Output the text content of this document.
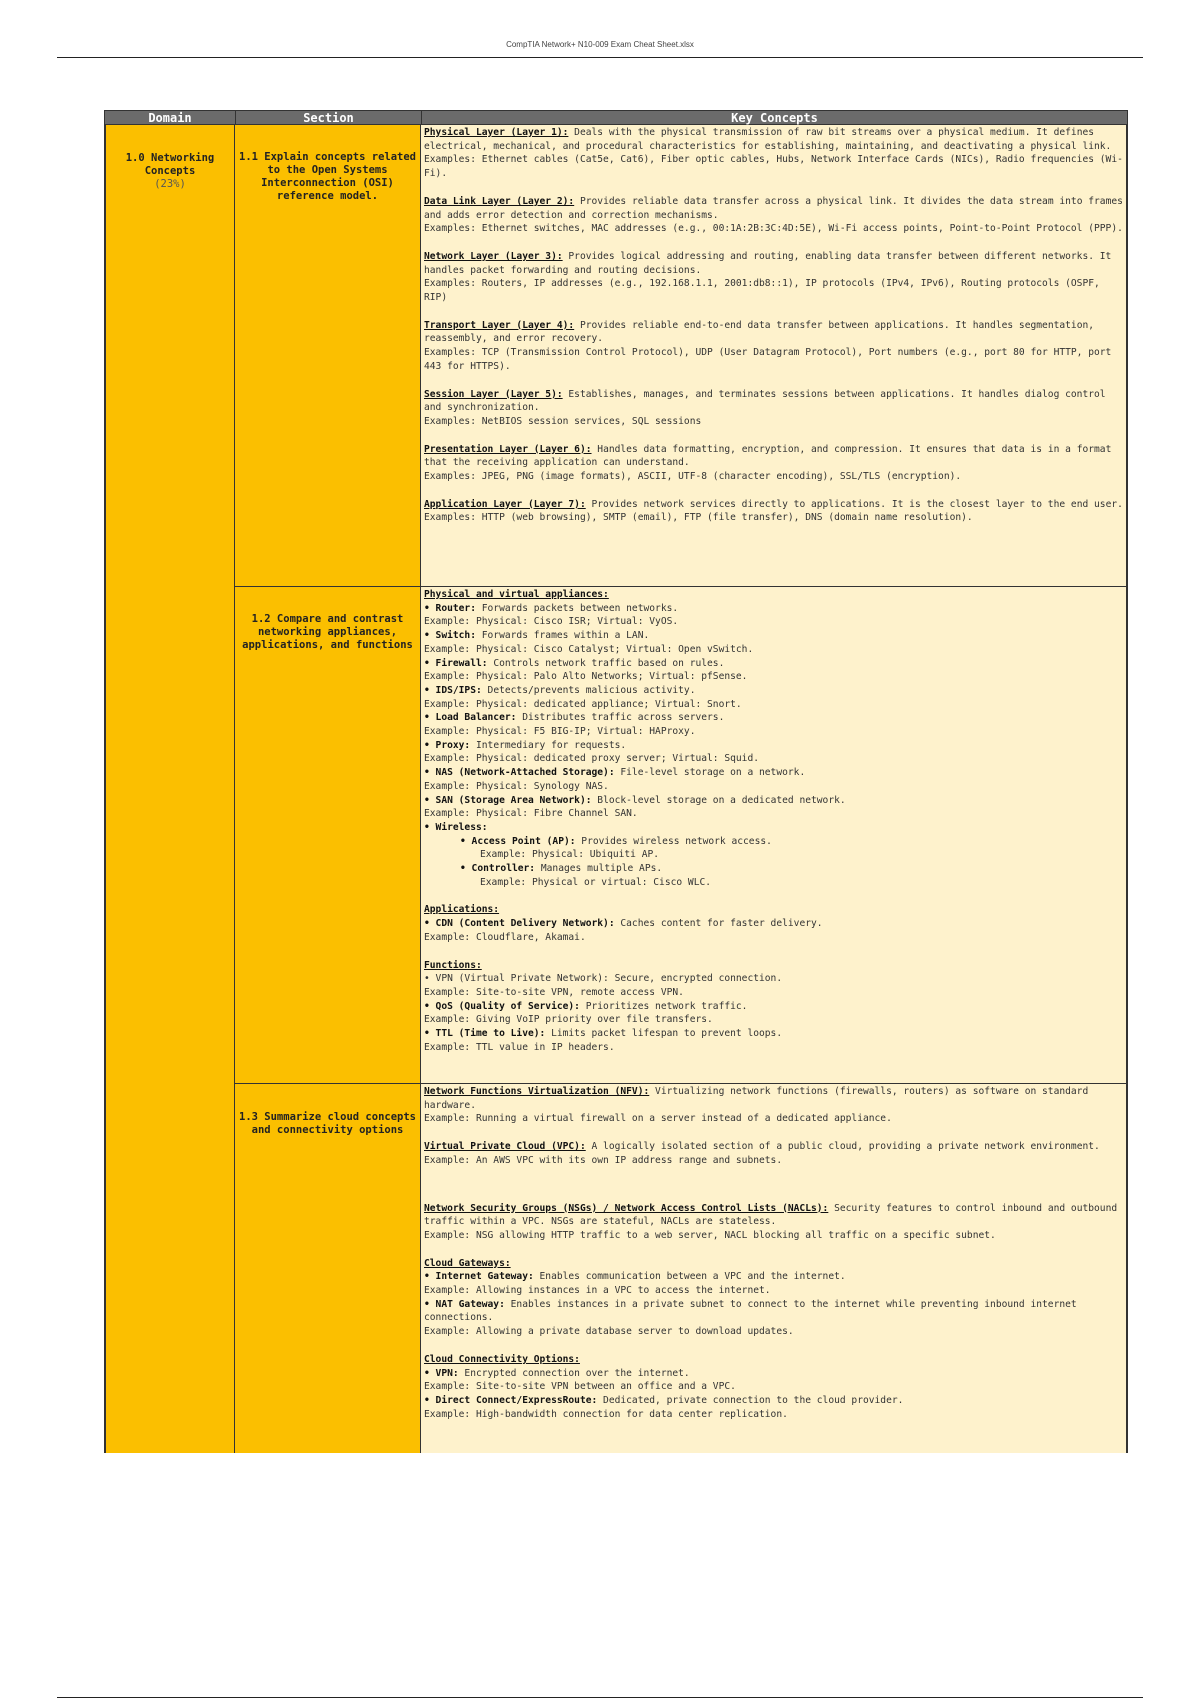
CompTIA Network+ N10-009 Exam Cheat Sheet.xlsx
Domain	Section	Key Concepts
1.0 Networking
Concepts
(23%)
1.1 Explain concepts related to the Open Systems Interconnection (OSI) reference model.
Physical Layer (Layer 1): Deals with the physical transmission of raw bit streams over a physical medium. It defines electrical, mechanical, and procedural characteristics for establishing, maintaining, and deactivating a physical link.
Examples: Ethernet cables (Cat5e, Cat6), Fiber optic cables, Hubs, Network Interface Cards (NICs), Radio frequencies (Wi-Fi).
Data Link Layer (Layer 2): Provides reliable data transfer across a physical link. It divides the data stream into frames and adds error detection and correction mechanisms.
Examples: Ethernet switches, MAC addresses (e.g., 00:1A:2B:3C:4D:5E), Wi-Fi access points, Point-to-Point Protocol (PPP).
Network Layer (Layer 3): Provides logical addressing and routing, enabling data transfer between different networks. It handles packet forwarding and routing decisions.
Examples: Routers, IP addresses (e.g., 192.168.1.1, 2001:db8::1), IP protocols (IPv4, IPv6), Routing protocols (OSPF, RIP)
Transport Layer (Layer 4): Provides reliable end-to-end data transfer between applications. It handles segmentation, reassembly, and error recovery.
Examples: TCP (Transmission Control Protocol), UDP (User Datagram Protocol), Port numbers (e.g., port 80 for HTTP, port 443 for HTTPS).
Session Layer (Layer 5): Establishes, manages, and terminates sessions between applications. It handles dialog control and synchronization.
Examples: NetBIOS session services, SQL sessions
Presentation Layer (Layer 6): Handles data formatting, encryption, and compression. It ensures that data is in a format that the receiving application can understand.
Examples: JPEG, PNG (image formats), ASCII, UTF-8 (character encoding), SSL/TLS (encryption).
Application Layer (Layer 7): Provides network services directly to applications. It is the closest layer to the end user.
Examples: HTTP (web browsing), SMTP (email), FTP (file transfer), DNS (domain name resolution).
1.2 Compare and contrast networking appliances, applications, and functions
Physical and virtual appliances:
• Router: Forwards packets between networks.
Example: Physical: Cisco ISR; Virtual: VyOS.
• Switch: Forwards frames within a LAN.
Example: Physical: Cisco Catalyst; Virtual: Open vSwitch.
• Firewall: Controls network traffic based on rules.
Example: Physical: Palo Alto Networks; Virtual: pfSense.
• IDS/IPS: Detects/prevents malicious activity.
Example: Physical: dedicated appliance; Virtual: Snort.
• Load Balancer: Distributes traffic across servers.
Example: Physical: F5 BIG-IP; Virtual: HAProxy.
• Proxy: Intermediary for requests.
Example: Physical: dedicated proxy server; Virtual: Squid.
• NAS (Network-Attached Storage): File-level storage on a network.
Example: Physical: Synology NAS.
• SAN (Storage Area Network): Block-level storage on a dedicated network.
Example: Physical: Fibre Channel SAN.
• Wireless:
• Access Point (AP): Provides wireless network access.
Example: Physical: Ubiquiti AP.
• Controller: Manages multiple APs.
Example: Physical or virtual: Cisco WLC.
Applications:
• CDN (Content Delivery Network): Caches content for faster delivery.
Example: Cloudflare, Akamai.
Functions:
• VPN (Virtual Private Network): Secure, encrypted connection.
Example: Site-to-site VPN, remote access VPN.
• QoS (Quality of Service): Prioritizes network traffic.
Example: Giving VoIP priority over file transfers.
• TTL (Time to Live): Limits packet lifespan to prevent loops.
Example: TTL value in IP headers.
1.3 Summarize cloud concepts and connectivity options
Network Functions Virtualization (NFV): Virtualizing network functions (firewalls, routers) as software on standard hardware.
Example: Running a virtual firewall on a server instead of a dedicated appliance.
Virtual Private Cloud (VPC): A logically isolated section of a public cloud, providing a private network environment.
Example: An AWS VPC with its own IP address range and subnets.
Network Security Groups (NSGs) / Network Access Control Lists (NACLs): Security features to control inbound and outbound traffic within a VPC. NSGs are stateful, NACLs are stateless.
Example: NSG allowing HTTP traffic to a web server, NACL blocking all traffic on a specific subnet.
Cloud Gateways:
• Internet Gateway: Enables communication between a VPC and the internet.
Example: Allowing instances in a VPC to access the internet.
• NAT Gateway: Enables instances in a private subnet to connect to the internet while preventing inbound internet connections.
Example: Allowing a private database server to download updates.
Cloud Connectivity Options:
• VPN: Encrypted connection over the internet.
Example: Site-to-site VPN between an office and a VPC.
• Direct Connect/ExpressRoute: Dedicated, private connection to the cloud provider.
Example: High-bandwidth connection for data center replication.
